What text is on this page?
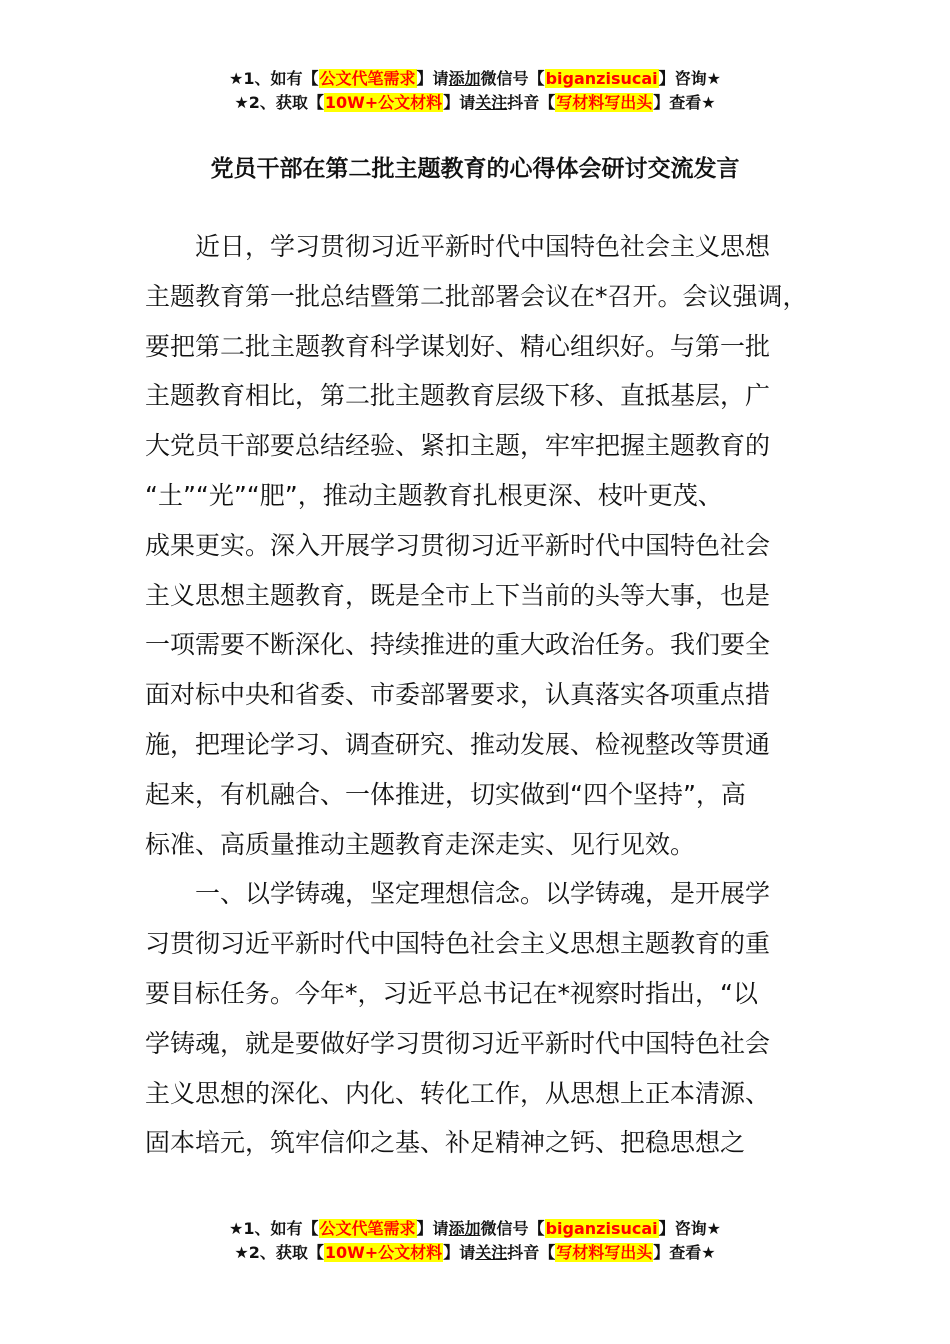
★1、如有【公文代笔需求】请添加微信号【biganzisucai】咨询★
★2、获取【10W+公文材料】请关注抖音【写材料写出头】查看★
党员干部在第二批主题教育的心得体会研讨交流发言
近日，学习贯彻习近平新时代中国特色社会主义思想
主题教育第一批总结暨第二批部署会议在*召开。会议强调，
要把第二批主题教育科学谋划好、精心组织好。与第一批
主题教育相比，第二批主题教育层级下移、直抵基层，广
大党员干部要总结经验、紧扣主题，牢牢把握主题教育的
“土”“光”“肥”，推动主题教育扎根更深、枝叶更茂、
成果更实。深入开展学习贯彻习近平新时代中国特色社会
主义思想主题教育，既是全市上下当前的头等大事，也是
一项需要不断深化、持续推进的重大政治任务。我们要全
面对标中央和省委、市委部署要求，认真落实各项重点措
施，把理论学习、调查研究、推动发展、检视整改等贯通
起来，有机融合、一体推进，切实做到“四个坚持”，高
标准、高质量推动主题教育走深走实、见行见效。
一、以学铸魂，坚定理想信念。以学铸魂，是开展学
习贯彻习近平新时代中国特色社会主义思想主题教育的重
要目标任务。今年*，习近平总书记在*视察时指出，“以
学铸魂，就是要做好学习贯彻习近平新时代中国特色社会
主义思想的深化、内化、转化工作，从思想上正本清源、
固本培元，筑牢信仰之基、补足精神之钙、把稳思想之
★1、如有【公文代笔需求】请添加微信号【biganzisucai】咨询★
★2、获取【10W+公文材料】请关注抖音【写材料写出头】查看★
